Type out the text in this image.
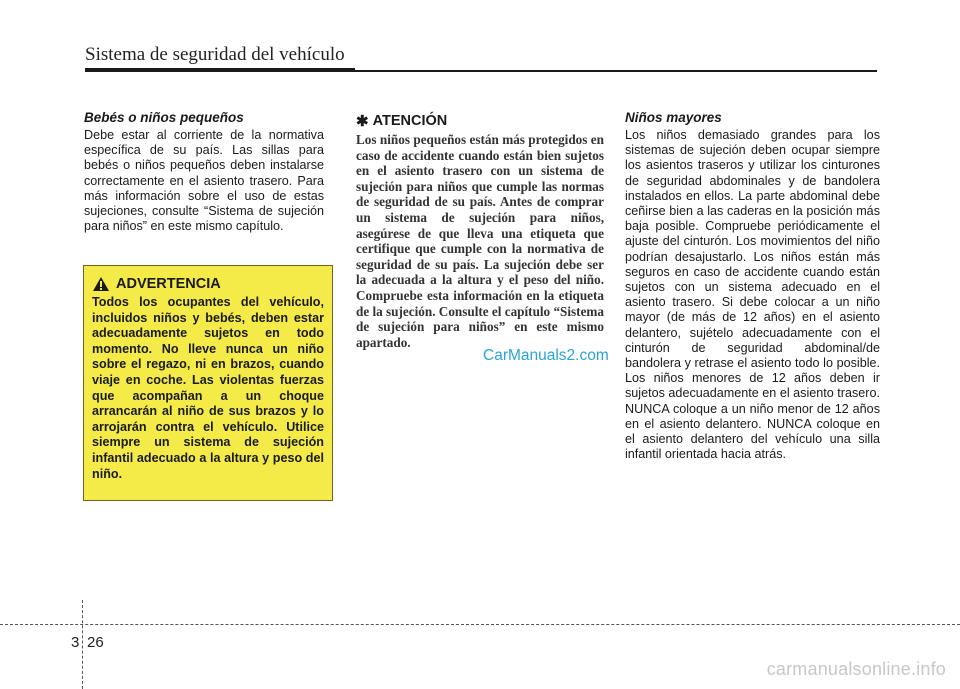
Sistema de seguridad del vehículo
Bebés o niños pequeños

Debe estar al corriente de la normativa específica de su país. Las sillas para bebés o niños pequeños deben instalarse correctamente en el asiento trasero. Para más información sobre el uso de estas sujeciones, consulte “Sistema de sujeción para niños” en este mismo capítulo.

ADVERTENCIA

Todos los ocupantes del vehículo, incluidos niños y bebés, deben estar adecuadamente sujetos en todo momento. No lleve nunca un niño sobre el regazo, ni en brazos, cuando viaje en coche. Las violentas fuerzas que acompañan a un choque arrancarán al niño de sus brazos y lo arrojarán contra el vehículo. Utilice siempre un sistema de sujeción infantil adecuado a la altura y peso del niño.

✱ ATENCIÓN

Los niños pequeños están más protegidos en caso de accidente cuando están bien sujetos en el asiento trasero con un sistema de sujeción para niños que cumple las normas de seguridad de su país. Antes de comprar un sistema de sujeción para niños, asegúrese de que lleva una etiqueta que certifique que cumple con la normativa de seguridad de su país. La sujeción debe ser la adecuada a la altura y el peso del niño. Compruebe esta información en la etiqueta de la sujeción. Consulte el capítulo “Sistema de sujeción para niños” en este mismo apartado.

Niños mayores

Los niños demasiado grandes para los sistemas de sujeción deben ocupar siempre los asientos traseros y utilizar los cinturones de seguridad abdominales y de bandolera instalados en ellos. La parte abdominal debe ceñirse bien a las caderas en la posición más baja posible. Compruebe periódicamente el ajuste del cinturón. Los movimientos del niño podrían desajustarlo. Los niños están más seguros en caso de accidente cuando están sujetos con un sistema adecuado en el asiento trasero. Si debe colocar a un niño mayor (de más de 12 años) en el asiento delantero, sujételo adecuadamente con el cinturón de seguridad abdominal/de bandolera y retrase el asiento todo lo posible. Los niños menores de 12 años deben ir sujetos adecuadamente en el asiento trasero. NUNCA coloque a un niño menor de 12 años en el asiento delantero. NUNCA coloque en el asiento delantero del vehículo una silla infantil orientada hacia atrás.

CarManuals2.com
3 26
carmanualsonline.info
